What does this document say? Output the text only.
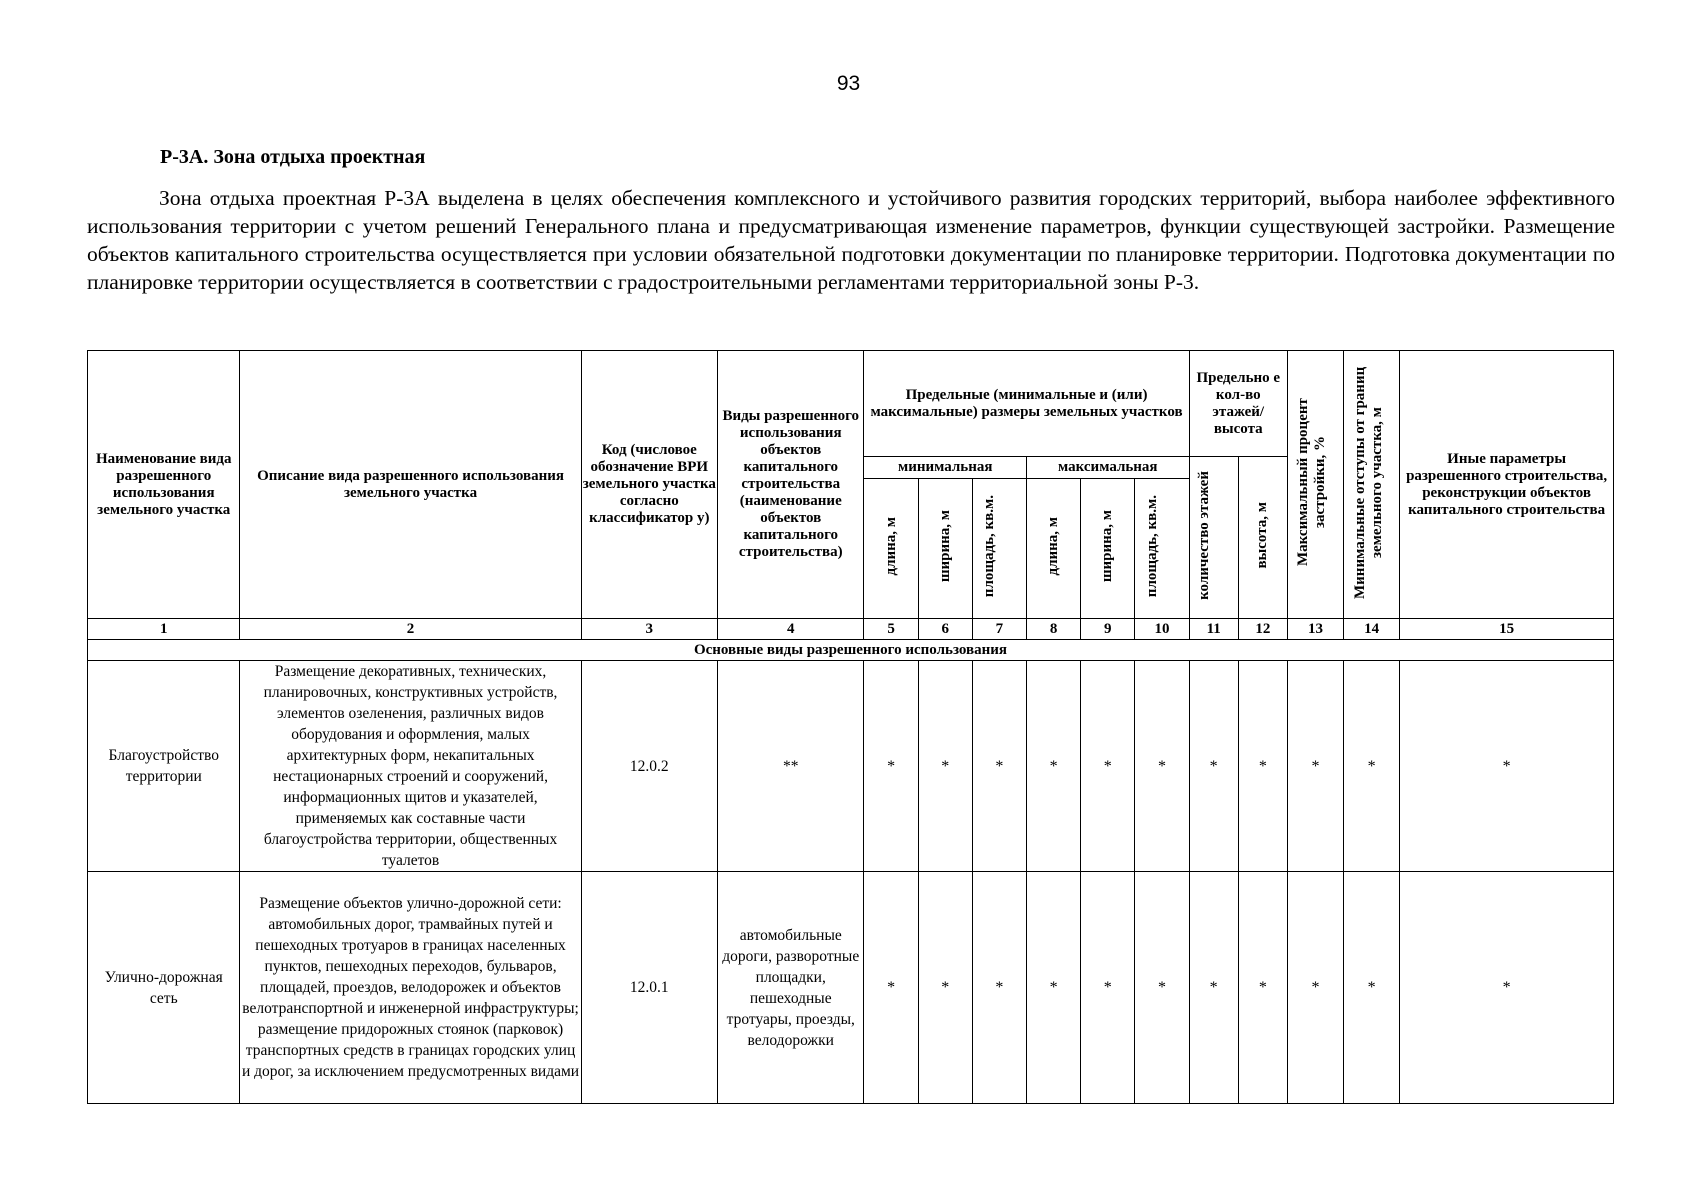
93
Р-3А. Зона отдыха проектная

Зона отдыха проектная Р-3А выделена в целях обеспечения комплексного и устойчивого развития городских территорий, выбора наиболее эффективного использования территории с учетом решений Генерального плана и предусматривающая изменение параметров, функции существующей застройки. Размещение объектов капитального строительства осуществляется при условии обязательной подготовки документации по планировке территории. Подготовка документации по планировке территории осуществляется в соответствии с градостроительными регламентами территориальной зоны Р-3.

Наименование вида разрешенного использования земельного участка	Описание вида разрешенного использования земельного участка	Код (числовое обозначение ВРИ земельного участка согласно классификатор у)	Виды разрешенного использования объектов капитального строительства (наименование объектов капитального строительства)	Предельные (минимальные и (или) максимальные) размеры земельных участков						Предельно е кол-во этажей/ высота		Максимальный процент застройки, %	Минимальные отступы от границ земельного участка, м	Иные параметры разрешенного строительства, реконструкции объектов капитального строительства
				минимальная			максимальная			количество этажей	высота, м			
				длина, м	ширина, м	площадь, кв.м.	длина, м	ширина, м	площадь, кв.м.					
1	2	3	4	5	6	7	8	9	10	11	12	13	14	15
Основные виды разрешенного использования														
Благоустройство территории	Размещение декоративных, технических, планировочных, конструктивных устройств, элементов озеленения, различных видов оборудования и оформления, малых архитектурных форм, некапитальных нестационарных строений и сооружений, информационных щитов и указателей, применяемых как составные части благоустройства территории, общественных туалетов	12.0.2	**	*	*	*	*	*	*	*	*	*	*	*
Улично-дорожная сеть	Размещение объектов улично-дорожной сети: автомобильных дорог, трамвайных путей и пешеходных тротуаров в границах населенных пунктов, пешеходных переходов, бульваров, площадей, проездов, велодорожек и объектов велотранспортной и инженерной инфраструктуры; размещение придорожных стоянок (парковок) транспортных средств в границах городских улиц и дорог, за исключением предусмотренных видами	12.0.1	автомобильные дороги, разворотные площадки, пешеходные тротуары, проезды, велодорожки	*	*	*	*	*	*	*	*	*	*	*
